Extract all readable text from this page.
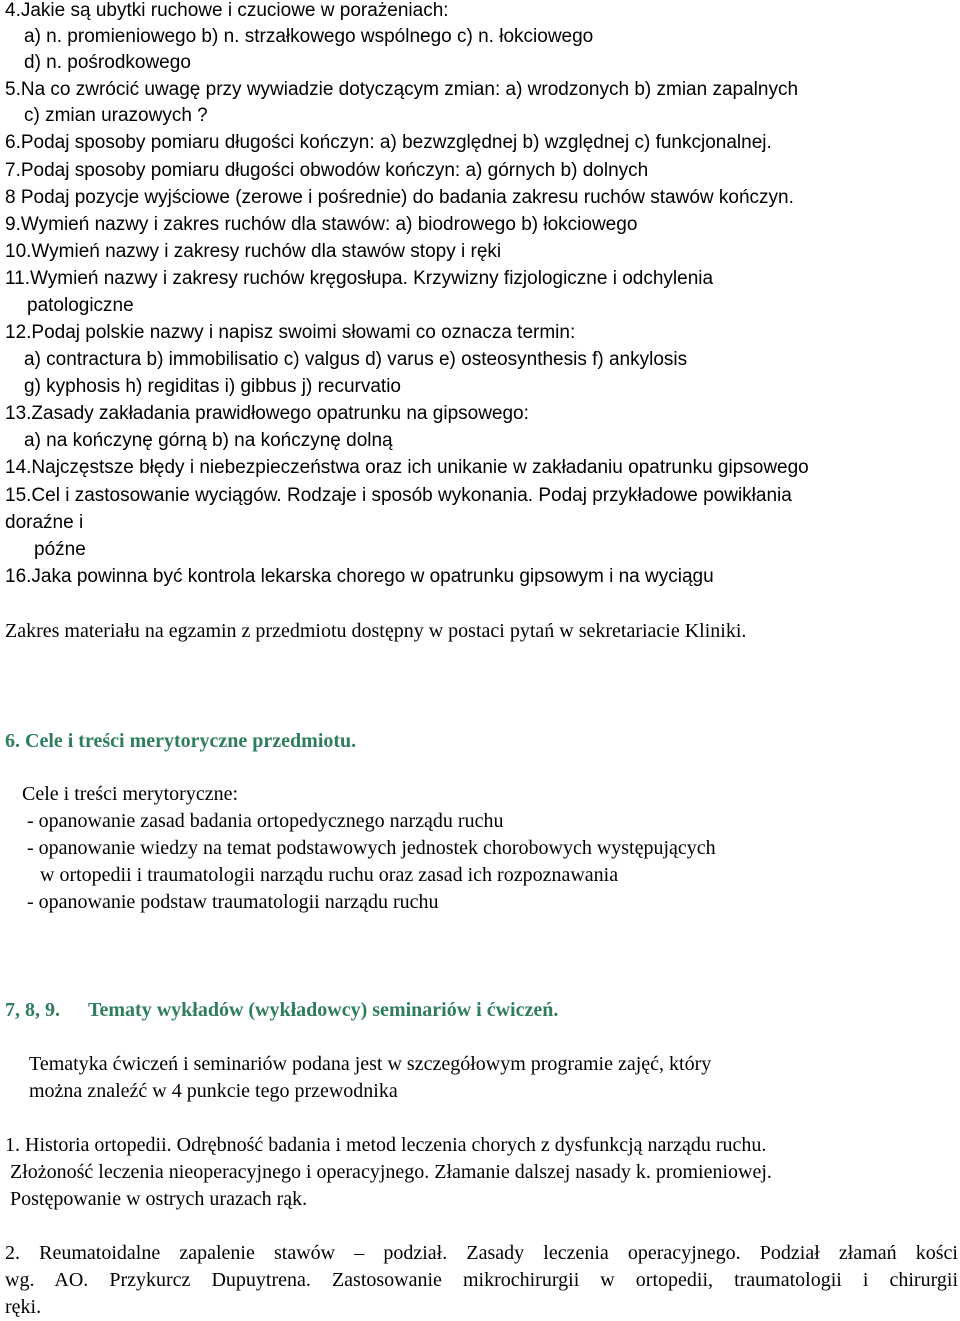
4.Jakie są ubytki ruchowe i czuciowe w porażeniach:
a) n. promieniowego b) n. strzałkowego wspólnego c) n. łokciowego
d) n. pośrodkowego
5.Na co zwrócić uwagę przy wywiadzie dotyczącym zmian: a) wrodzonych b) zmian zapalnych
c) zmian urazowych ?
6.Podaj sposoby pomiaru długości kończyn: a) bezwzględnej b) względnej c) funkcjonalnej.
7.Podaj sposoby pomiaru długości obwodów kończyn: a) górnych b) dolnych
8 Podaj pozycje wyjściowe (zerowe i pośrednie) do badania zakresu ruchów stawów kończyn.
9.Wymień nazwy i zakres ruchów dla stawów: a) biodrowego b) łokciowego
10.Wymień nazwy i zakresy ruchów dla stawów stopy i ręki
11.Wymień nazwy i zakresy ruchów kręgosłupa. Krzywizny fizjologiczne i odchylenia
patologiczne
12.Podaj polskie nazwy i napisz swoimi słowami co oznacza termin:
a) contractura b) immobilisatio c) valgus d) varus e) osteosynthesis f) ankylosis
g) kyphosis h) regiditas i) gibbus j) recurvatio
13.Zasady zakładania prawidłowego opatrunku na gipsowego:
a) na kończynę górną b) na kończynę dolną
14.Najczęstsze błędy i niebezpieczeństwa oraz ich unikanie w zakładaniu opatrunku gipsowego
15.Cel i zastosowanie wyciągów. Rodzaje i sposób wykonania. Podaj przykładowe powikłania
doraźne i
późne
16.Jaka powinna być kontrola lekarska chorego w opatrunku gipsowym i na wyciągu
Zakres materiału na egzamin z przedmiotu dostępny w postaci pytań w sekretariacie Kliniki.
6. Cele i treści merytoryczne przedmiotu.
Cele i treści merytoryczne:
- opanowanie zasad badania ortopedycznego narządu ruchu
- opanowanie wiedzy na temat podstawowych jednostek chorobowych występujących
w ortopedii i traumatologii narządu ruchu oraz zasad ich rozpoznawania
- opanowanie podstaw traumatologii narządu ruchu
7, 8, 9. Tematy wykładów (wykładowcy) seminariów i ćwiczeń.
Tematyka ćwiczeń i seminariów podana jest w szczegółowym programie zajęć, który
można znaleźć w 4 punkcie tego przewodnika
1. Historia ortopedii. Odrębność badania i metod leczenia chorych z dysfunkcją narządu ruchu.
Złożoność leczenia nieoperacyjnego i operacyjnego. Złamanie dalszej nasady k. promieniowej.
Postępowanie w ostrych urazach rąk.
2. Reumatoidalne zapalenie stawów – podział. Zasady leczenia operacyjnego. Podział złamań kości
wg. AO. Przykurcz Dupuytrena. Zastosowanie mikrochirurgii w ortopedii, traumatologii i chirurgii
ręki.
